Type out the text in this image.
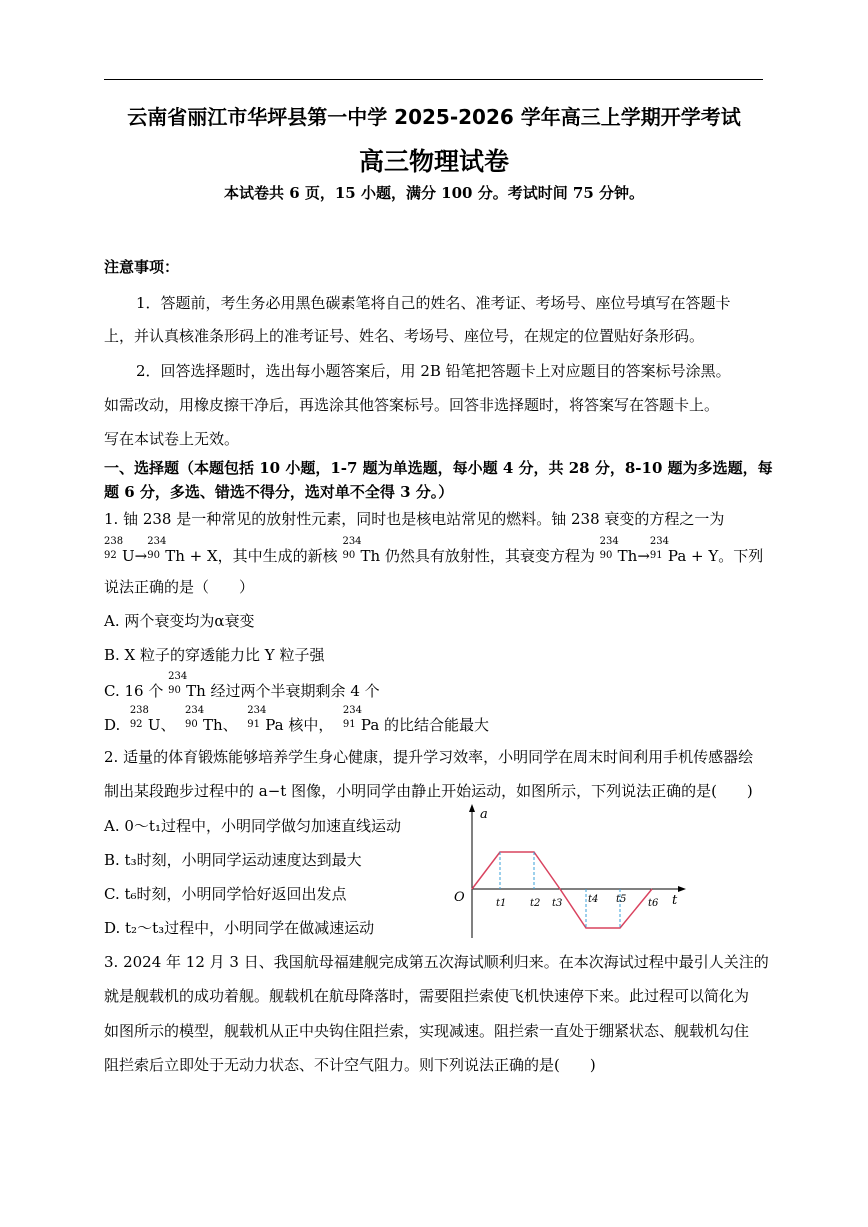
云南省丽江市华坪县第一中学 2025-2026 学年高三上学期开学考试
高三物理试卷
本试卷共 6 页，15 小题，满分 100 分。考试时间 75 分钟。
注意事项：
1．答题前，考生务必用黑色碳素笔将自己的姓名、准考证、考场号、座位号填写在答题卡
上，并认真核准条形码上的准考证号、姓名、考场号、座位号，在规定的位置贴好条形码。
2．回答选择题时，选出每小题答案后，用 2B 铅笔把答题卡上对应题目的答案标号涂黑。
如需改动，用橡皮擦干净后，再选涂其他答案标号。回答非选择题时，将答案写在答题卡上。
写在本试卷上无效。
一、选择题（本题包括 10 小题，1-7 题为单选题，每小题 4 分，共 28 分，8-10 题为多选题，每
题 6 分，多选、错选不得分，选对单不全得 3 分。）
1. 铀 238 是一种常见的放射性元素，同时也是核电站常见的燃料。铀 238 衰变的方程之一为
238
92 U→
234
90 Th + X，其中生成的新核
234
90 Th 仍然具有放射性，其衰变方程为
234
90 Th→
234
91 Pa + Y。下列
说法正确的是（　　）
A. 两个衰变均为α衰变
B. X 粒子的穿透能力比 Y 粒子强
C. 16 个
234
90 Th 经过两个半衰期剩余 4 个
D.
238
92 U、
234
90 Th、
234
91 Pa 核中，
234
91 Pa 的比结合能最大
2. 适量的体育锻炼能够培养学生身心健康，提升学习效率，小明同学在周末时间利用手机传感器绘
制出某段跑步过程中的 a−t 图像，小明同学由静止开始运动，如图所示，下列说法正确的是(　　)
A. 0～t₁过程中，小明同学做匀加速直线运动
B. t₃时刻，小明同学运动速度达到最大
C. t₆时刻，小明同学恰好返回出发点
D. t₂～t₃过程中，小明同学在做减速运动
a
t
O	t1 t2 t3	t4 t5 t6
3. 2024 年 12 月 3 日、我国航母福建舰完成第五次海试顺利归来。在本次海试过程中最引人关注的
就是舰载机的成功着舰。舰载机在航母降落时，需要阻拦索使飞机快速停下来。此过程可以简化为
如图所示的模型，舰载机从正中央钩住阻拦索，实现减速。阻拦索一直处于绷紧状态、舰载机勾住
阻拦索后立即处于无动力状态、不计空气阻力。则下列说法正确的是(　　)
